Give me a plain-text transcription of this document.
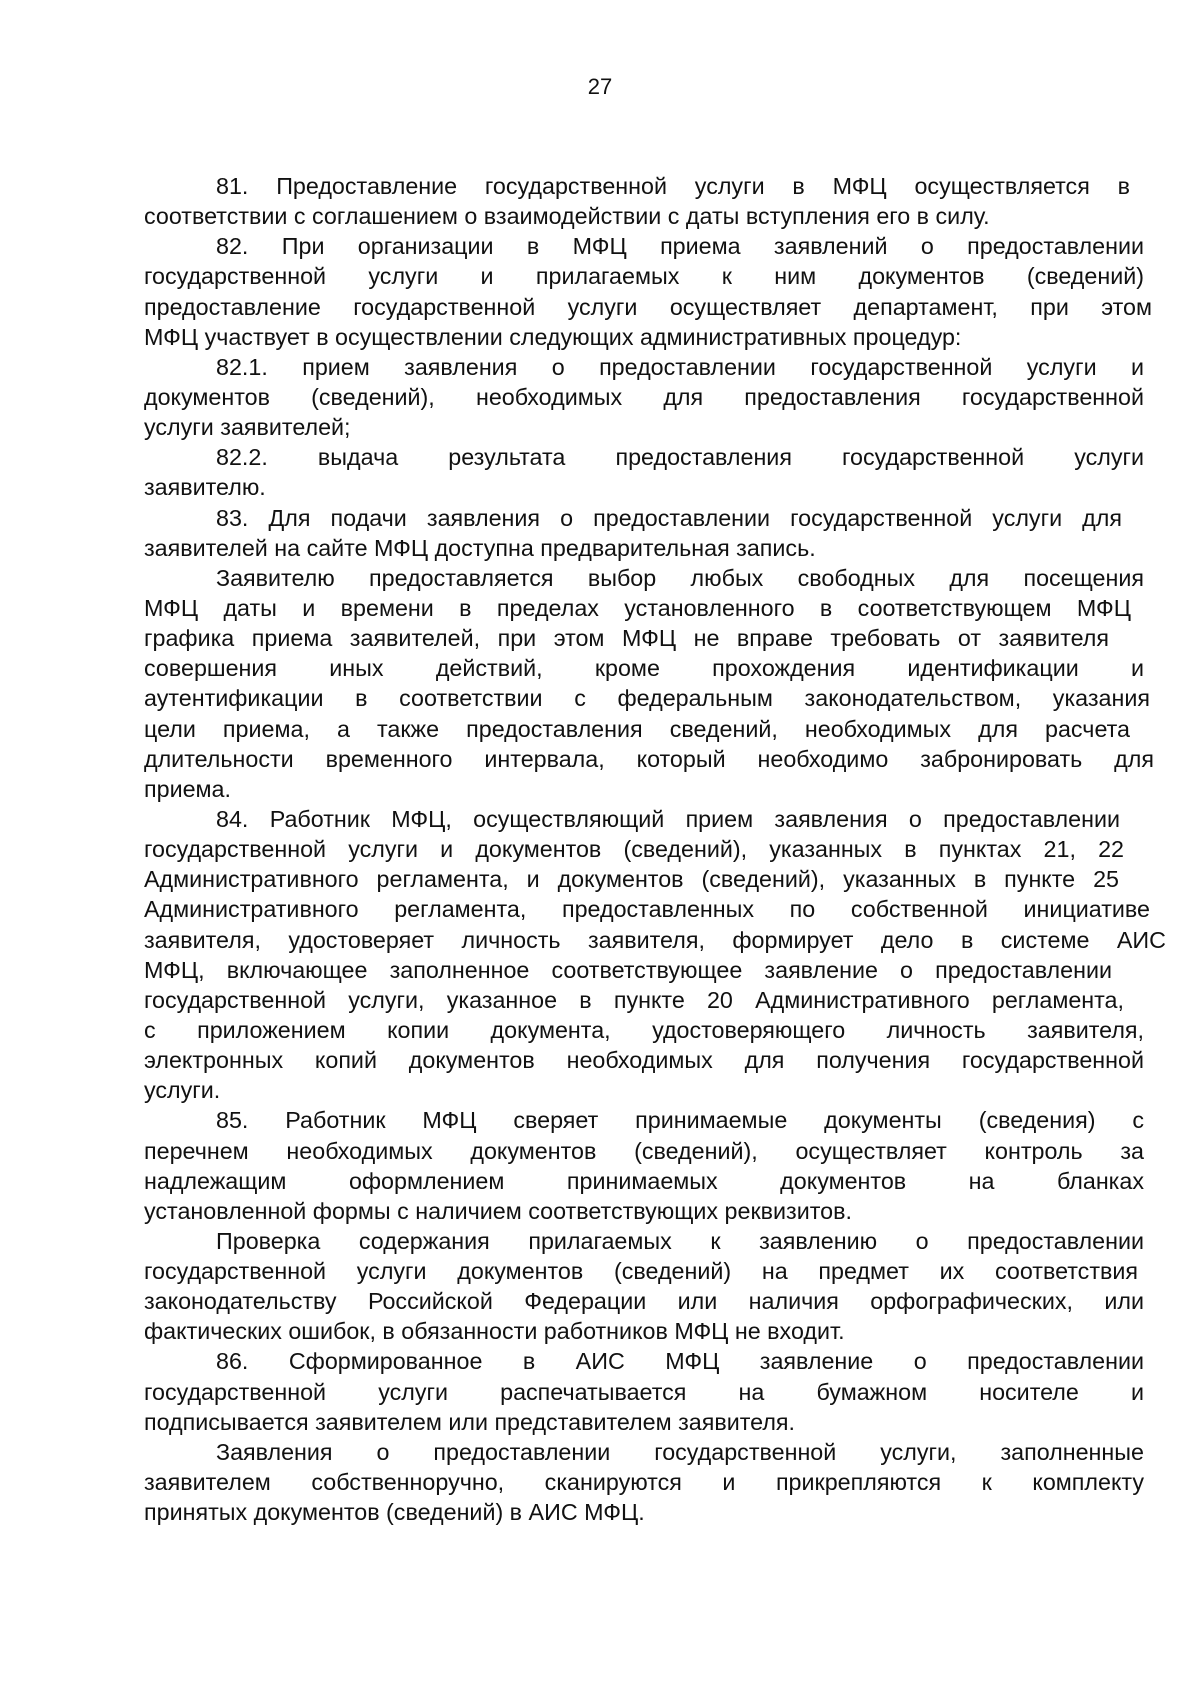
27
81. Предоставление государственной услуги в МФЦ осуществляется в
соответствии с соглашением о взаимодействии с даты вступления его в силу.
82. При организации в МФЦ приема заявлений о предоставлении
государственной услуги и прилагаемых к ним документов (сведений)
предоставление государственной услуги осуществляет департамент, при этом
МФЦ участвует в осуществлении следующих административных процедур:
82.1. прием заявления о предоставлении государственной услуги и
документов (сведений), необходимых для предоставления государственной
услуги заявителей;
82.2. выдача результата предоставления государственной услуги
заявителю.
83. Для подачи заявления о предоставлении государственной услуги для
заявителей на сайте МФЦ доступна предварительная запись.
Заявителю предоставляется выбор любых свободных для посещения
МФЦ даты и времени в пределах установленного в соответствующем МФЦ
графика приема заявителей, при этом МФЦ не вправе требовать от заявителя
совершения иных действий, кроме прохождения идентификации и
аутентификации в соответствии с федеральным законодательством, указания
цели приема, а также предоставления сведений, необходимых для расчета
длительности временного интервала, который необходимо забронировать для
приема.
84. Работник МФЦ, осуществляющий прием заявления о предоставлении
государственной услуги и документов (сведений), указанных в пунктах 21, 22
Административного регламента, и документов (сведений), указанных в пункте 25
Административного регламента, предоставленных по собственной инициативе
заявителя, удостоверяет личность заявителя, формирует дело в системе АИС
МФЦ, включающее заполненное соответствующее заявление о предоставлении
государственной услуги, указанное в пункте 20 Административного регламента,
с приложением копии документа, удостоверяющего личность заявителя,
электронных копий документов необходимых для получения государственной
услуги.
85. Работник МФЦ сверяет принимаемые документы (сведения) с
перечнем необходимых документов (сведений), осуществляет контроль за
надлежащим оформлением принимаемых документов на бланках
установленной формы с наличием соответствующих реквизитов.
Проверка содержания прилагаемых к заявлению о предоставлении
государственной услуги документов (сведений) на предмет их соответствия
законодательству Российской Федерации или наличия орфографических, или
фактических ошибок, в обязанности работников МФЦ не входит.
86. Сформированное в АИС МФЦ заявление о предоставлении
государственной услуги распечатывается на бумажном носителе и
подписывается заявителем или представителем заявителя.
Заявления о предоставлении государственной услуги, заполненные
заявителем собственноручно, сканируются и прикрепляются к комплекту
принятых документов (сведений) в АИС МФЦ.
